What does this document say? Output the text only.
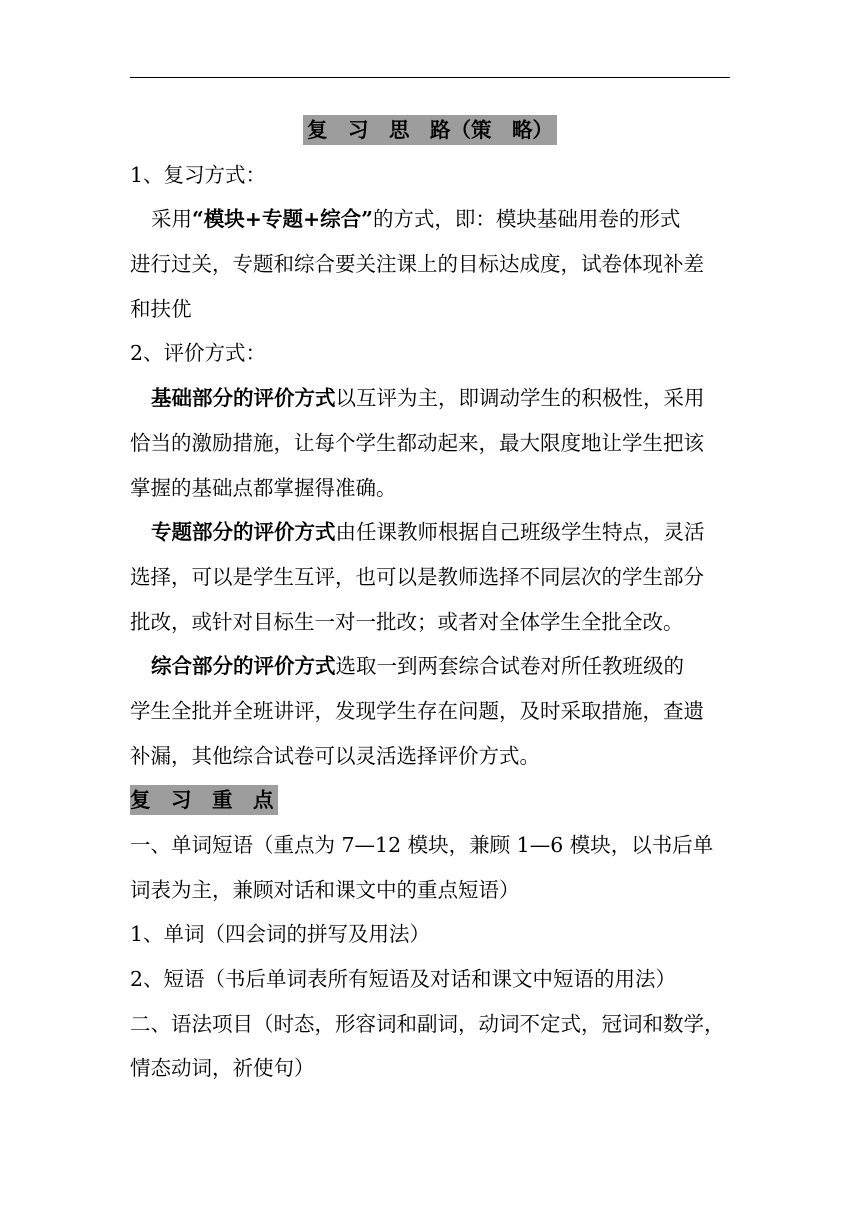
复　习　思　路（策　略）
1、复习方式：
采用“模块+专题+综合”的方式，即：模块基础用卷的形式
进行过关，专题和综合要关注课上的目标达成度，试卷体现补差
和扶优
2、评价方式：
基础部分的评价方式以互评为主，即调动学生的积极性，采用
恰当的激励措施，让每个学生都动起来，最大限度地让学生把该
掌握的基础点都掌握得准确。
专题部分的评价方式由任课教师根据自己班级学生特点，灵活
选择，可以是学生互评，也可以是教师选择不同层次的学生部分
批改，或针对目标生一对一批改；或者对全体学生全批全改。
综合部分的评价方式选取一到两套综合试卷对所任教班级的
学生全批并全班讲评，发现学生存在问题，及时采取措施，查遗
补漏，其他综合试卷可以灵活选择评价方式。
复　习　重　点
一、单词短语（重点为 7—12 模块，兼顾 1—6 模块，以书后单
词表为主，兼顾对话和课文中的重点短语）
1、单词（四会词的拼写及用法）
2、短语（书后单词表所有短语及对话和课文中短语的用法）
二、语法项目（时态，形容词和副词，动词不定式，冠词和数学，
情态动词，祈使句）
